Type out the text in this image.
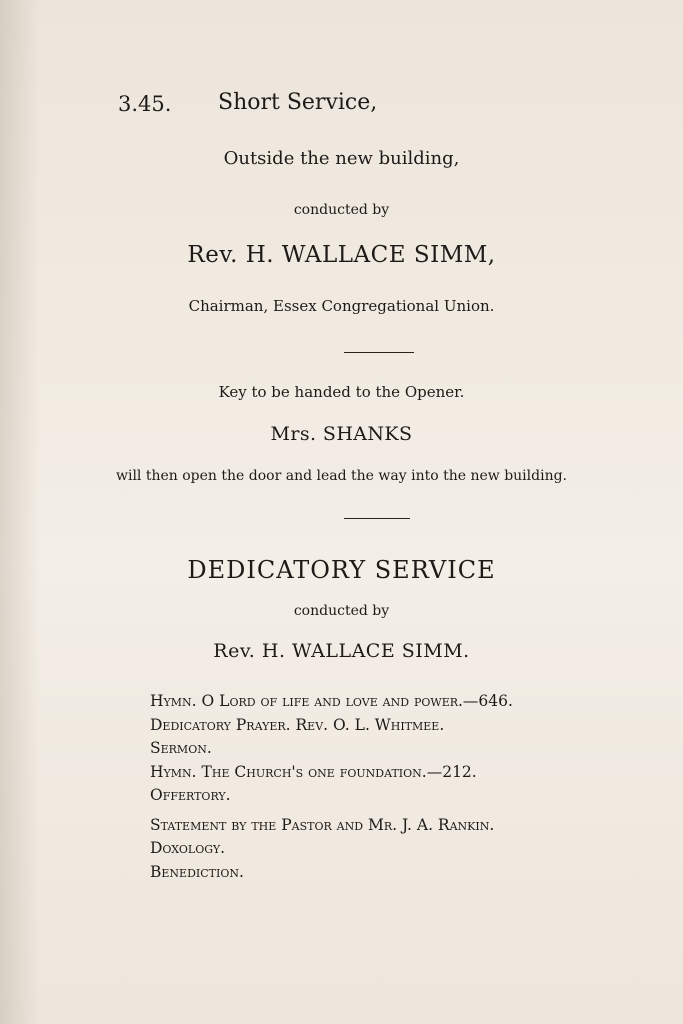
3.45. Short Service,
Outside the new building,
conducted by
Rev. H. WALLACE SIMM,
Chairman, Essex Congregational Union.
Key to be handed to the Opener.
Mrs. SHANKS
will then open the door and lead the way into the new building.
DEDICATORY SERVICE
conducted by
Rev. H. WALLACE SIMM.
Hymn. O Lord of life and love and power.—646.
Dedicatory Prayer. Rev. O. L. Whitmee.
Sermon.
Hymn. The Church's one foundation.—212.
Offertory.
Statement by the Pastor and Mr. J. A. Rankin.
Doxology.
Benediction.
